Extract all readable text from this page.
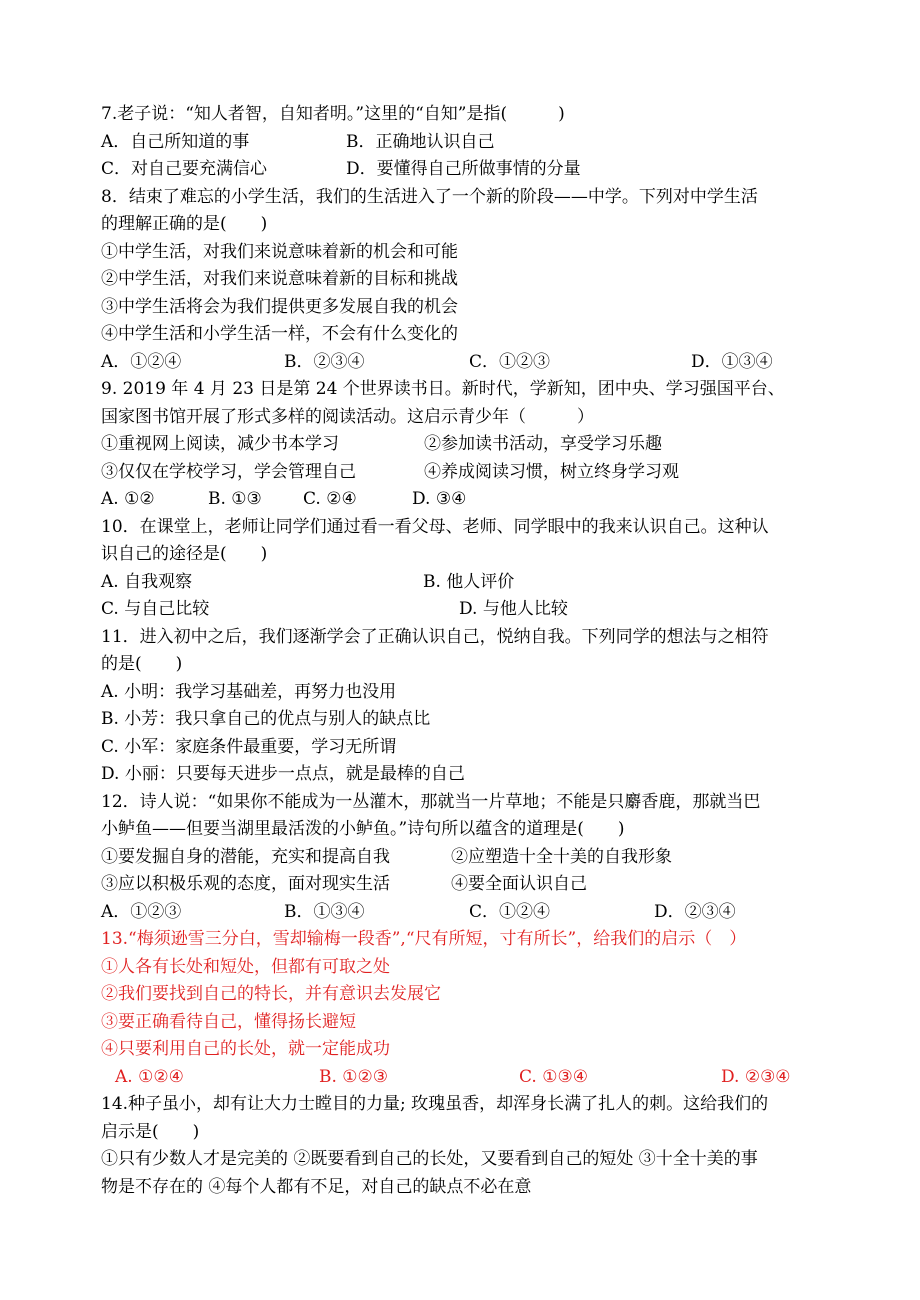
7.老子说：“知人者智，自知者明。”这里的“自知”是指(　　　)
A．自己所知道的事	B．正确地认识自己
C．对自己要充满信心	D．要懂得自己所做事情的分量
8．结束了难忘的小学生活，我们的生活进入了一个新的阶段——中学。下列对中学生活
的理解正确的是(　　)
①中学生活，对我们来说意味着新的机会和可能
②中学生活，对我们来说意味着新的目标和挑战
③中学生活将会为我们提供更多发展自我的机会
④中学生活和小学生活一样，不会有什么变化的
A．①②④	B．②③④	C．①②③	D．①③④
9. 2019 年 4 月 23 日是第 24 个世界读书日。新时代，学新知，团中央、学习强国平台、
国家图书馆开展了形式多样的阅读活动。这启示青少年（　　　）
①重视网上阅读，减少书本学习	②参加读书活动，享受学习乐趣
③仅仅在学校学习，学会管理自己	④养成阅读习惯，树立终身学习观
A. ①②	B. ①③ C. ②④	D. ③④
10．在课堂上，老师让同学们通过看一看父母、老师、同学眼中的我来认识自己。这种认
识自己的途径是(　　)
A. 自我观察	B. 他人评价
C. 与自己比较	D. 与他人比较
11．进入初中之后，我们逐渐学会了正确认识自己，悦纳自我。下列同学的想法与之相符
的是(　　)
A. 小明：我学习基础差，再努力也没用
B. 小芳：我只拿自己的优点与别人的缺点比
C. 小军：家庭条件最重要，学习无所谓
D. 小丽：只要每天进步一点点，就是最棒的自己
12．诗人说：“如果你不能成为一丛灌木，那就当一片草地；不能是只麝香鹿，那就当巴
小鲈鱼——但要当湖里最活泼的小鲈鱼。”诗句所以蕴含的道理是(　　)
①要发掘自身的潜能，充实和提高自我	②应塑造十全十美的自我形象
③应以积极乐观的态度，面对现实生活	④要全面认识自己
A．①②③	B．①③④	C．①②④	D．②③④
13.“梅须逊雪三分白，雪却输梅一段香”,“尺有所短，寸有所长”，给我们的启示（　）
①人各有长处和短处，但都有可取之处
②我们要找到自己的特长，并有意识去发展它
③要正确看待自己，懂得扬长避短
④只要利用自己的长处，就一定能成功
A. ①②④	B. ①②③	C. ①③④	D. ②③④
14.种子虽小，却有让大力士瞠目的力量; 玫瑰虽香，却浑身长满了扎人的刺。这给我们的
启示是(　　)
①只有少数人才是完美的 ②既要看到自己的长处，又要看到自己的短处 ③十全十美的事
物是不存在的 ④每个人都有不足，对自己的缺点不必在意
